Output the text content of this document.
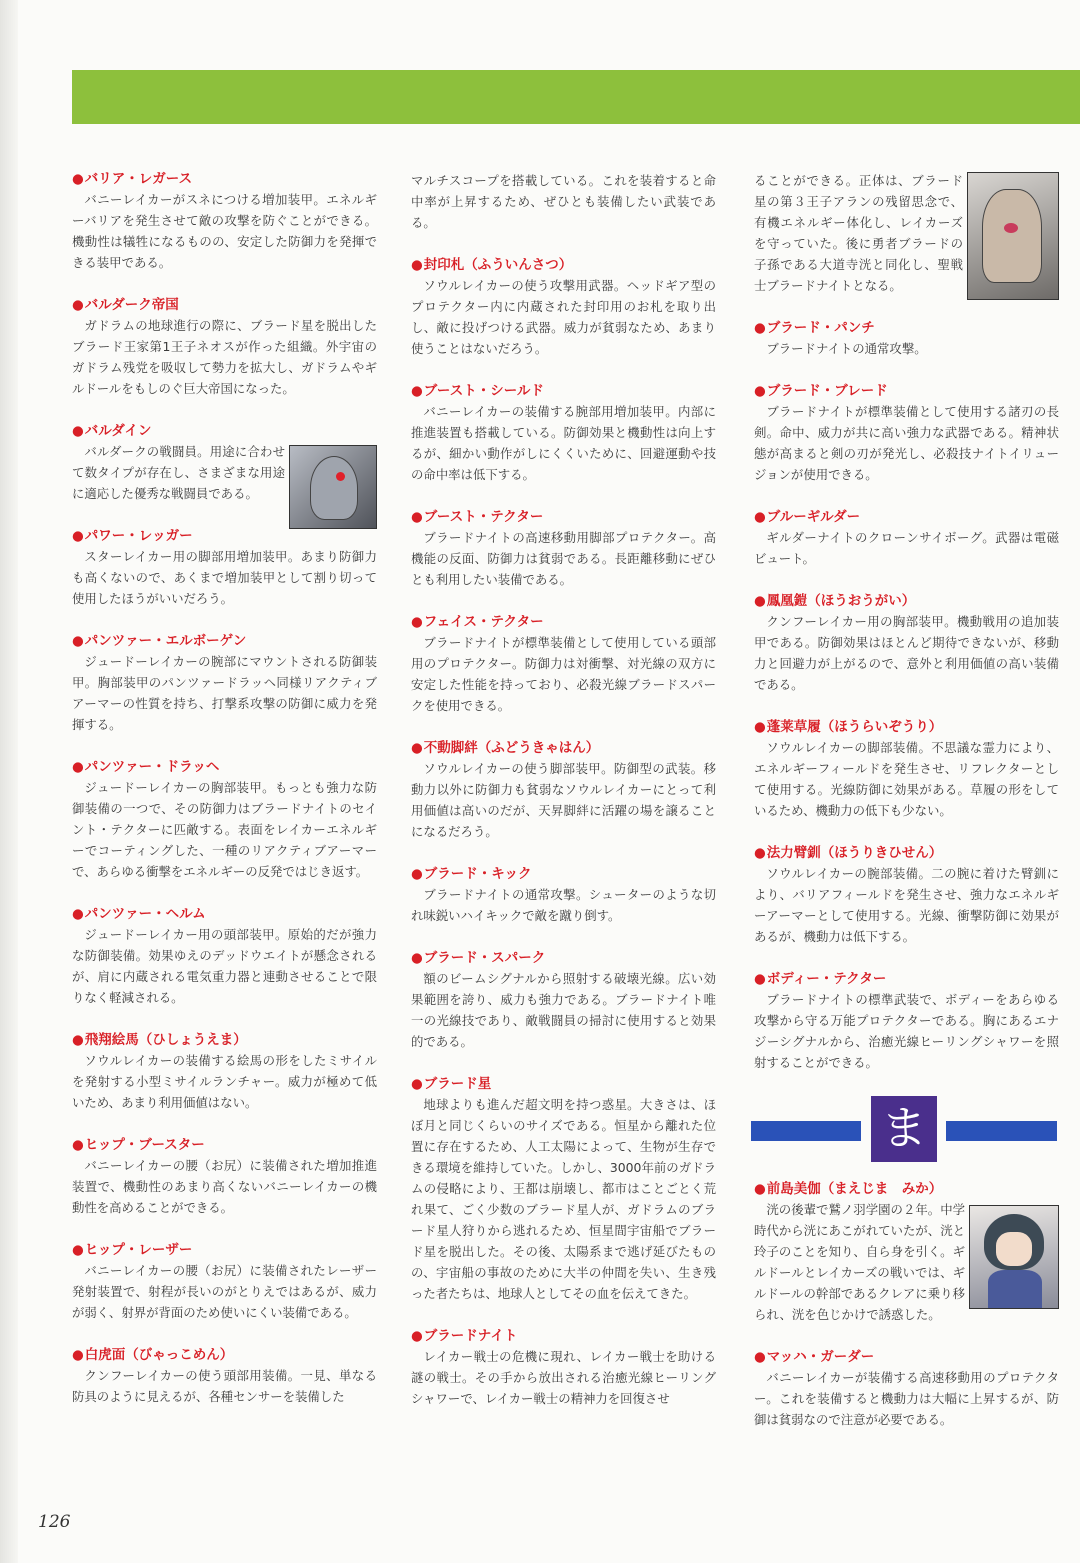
● バリア・レガース

バニーレイカーがスネにつける増加装甲。エネルギーバリアを発生させて敵の攻撃を防ぐことができる。機動性は犠牲になるものの、安定した防御力を発揮できる装甲である。

● バルダーク帝国

ガドラムの地球進行の際に、ブラード星を脱出したブラード王家第1王子ネオスが作った組織。外宇宙のガドラム残党を吸収して勢力を拡大し、ガドラムやギルドールをもしのぐ巨大帝国になった。

● バルダイン

バルダークの戦闘員。用途に合わせて数タイプが存在し、さまざまな用途に適応した優秀な戦闘員である。

● パワー・レッガー

スターレイカー用の脚部用増加装甲。あまり防御力も高くないので、あくまで増加装甲として割り切って使用したほうがいいだろう。

● パンツァー・エルボーゲン

ジュードーレイカーの腕部にマウントされる防御装甲。胸部装甲のパンツァードラッヘ同様リアクティブアーマーの性質を持ち、打撃系攻撃の防御に威力を発揮する。

● パンツァー・ドラッヘ

ジュードーレイカーの胸部装甲。もっとも強力な防御装備の一つで、その防御力はブラードナイトのセイント・テクターに匹敵する。表面をレイカーエネルギーでコーティングした、一種のリアクティブアーマーで、あらゆる衝撃をエネルギーの反発ではじき返す。

● パンツァー・ヘルム

ジュードーレイカー用の頭部装甲。原始的だが強力な防御装備。効果ゆえのデッドウエイトが懸念されるが、肩に内蔵される電気重力器と連動させることで限りなく軽減される。

● 飛翔絵馬（ひしょうえま）

ソウルレイカーの装備する絵馬の形をしたミサイルを発射する小型ミサイルランチャー。威力が極めて低いため、あまり利用価値はない。

● ヒップ・ブースター

バニーレイカーの腰（お尻）に装備された増加推進装置で、機動性のあまり高くないバニーレイカーの機動性を高めることができる。

● ヒップ・レーザー

バニーレイカーの腰（お尻）に装備されたレーザー発射装置で、射程が長いのがとりえではあるが、威力が弱く、射界が背面のため使いにくい装備である。

● 白虎面（びゃっこめん）

クンフーレイカーの使う頭部用装備。一見、単なる防具のように見えるが、各種センサーを装備した

マルチスコープを搭載している。これを装着すると命中率が上昇するため、ぜひとも装備したい武装である。

● 封印札（ふういんさつ）

ソウルレイカーの使う攻撃用武器。ヘッドギア型のプロテクター内に内蔵された封印用のお札を取り出し、敵に投げつける武器。威力が貧弱なため、あまり使うことはないだろう。

● ブースト・シールド

バニーレイカーの装備する腕部用増加装甲。内部に推進装置も搭載している。防御効果と機動性は向上するが、細かい動作がしにくくいために、回避運動や技の命中率は低下する。

● ブースト・テクター

ブラードナイトの高速移動用脚部プロテクター。高機能の反面、防御力は貧弱である。長距離移動にぜひとも利用したい装備である。

● フェイス・テクター

ブラードナイトが標準装備として使用している頭部用のプロテクター。防御力は対衝撃、対光線の双方に安定した性能を持っており、必殺光線ブラードスパークを使用できる。

● 不動脚絆（ふどうきゃはん）

ソウルレイカーの使う脚部装甲。防御型の武装。移動力以外に防御力も貧弱なソウルレイカーにとって利用価値は高いのだが、天昇脚絆に活躍の場を譲ることになるだろう。

● ブラード・キック

ブラードナイトの通常攻撃。シューターのような切れ味鋭いハイキックで敵を蹴り倒す。

● ブラード・スパーク

額のビームシグナルから照射する破壊光線。広い効果範囲を誇り、威力も強力である。ブラードナイト唯一の光線技であり、敵戦闘員の掃討に使用すると効果的である。

● ブラード星

地球よりも進んだ超文明を持つ惑星。大きさは、ほぼ月と同じくらいのサイズである。恒星から離れた位置に存在するため、人工太陽によって、生物が生存できる環境を維持していた。しかし、3000年前のガドラムの侵略により、王都は崩壊し、都市はことごとく荒れ果て、ごく少数のブラード星人が、ガドラムのブラード星人狩りから逃れるため、恒星間宇宙船でブラード星を脱出した。その後、太陽系まで逃げ延びたものの、宇宙船の事故のために大半の仲間を失い、生き残った者たちは、地球人としてその血を伝えてきた。

● ブラードナイト

レイカー戦士の危機に現れ、レイカー戦士を助ける謎の戦士。その手から放出される治癒光線ヒーリングシャワーで、レイカー戦士の精神力を回復させ

ることができる。正体は、ブラード星の第３王子アランの残留思念で、有機エネルギー体化し、レイカーズを守っていた。後に勇者ブラードの子孫である大道寺洸と同化し、聖戦士ブラードナイトとなる。

● ブラード・パンチ

ブラードナイトの通常攻撃。

● ブラード・ブレード

ブラードナイトが標準装備として使用する諸刃の長剣。命中、威力が共に高い強力な武器である。精神状態が高まると剣の刃が発光し、必殺技ナイトイリュージョンが使用できる。

● ブルーギルダー

ギルダーナイトのクローンサイボーグ。武器は電磁ビュート。

● 鳳凰鎧（ほうおうがい）

クンフーレイカー用の胸部装甲。機動戦用の追加装甲である。防御効果はほとんど期待できないが、移動力と回避力が上がるので、意外と利用価値の高い装備である。

● 蓬莱草履（ほうらいぞうり）

ソウルレイカーの脚部装備。不思議な霊力により、エネルギーフィールドを発生させ、リフレクターとして使用する。光線防御に効果がある。草履の形をしているため、機動力の低下も少ない。

● 法力臂釧（ほうりきひせん）

ソウルレイカーの腕部装備。二の腕に着けた臂釧により、バリアフィールドを発生させ、強力なエネルギーアーマーとして使用する。光線、衝撃防御に効果があるが、機動力は低下する。

● ボディー・テクター

ブラードナイトの標準武装で、ボディーをあらゆる攻撃から守る万能プロテクターである。胸にあるエナジーシグナルから、治癒光線ヒーリングシャワーを照射することができる。

ま
● 前島美伽（まえじま　みか）

洸の後輩で鷲ノ羽学園の２年。中学時代から洸にあこがれていたが、洸と玲子のことを知り、自ら身を引く。ギルドールとレイカーズの戦いでは、ギルドールの幹部であるクレアに乗り移られ、洸を色じかけで誘惑した。

● マッハ・ガーダー

バニーレイカーが装備する高速移動用のプロテクター。これを装備すると機動力は大幅に上昇するが、防御は貧弱なので注意が必要である。

126
